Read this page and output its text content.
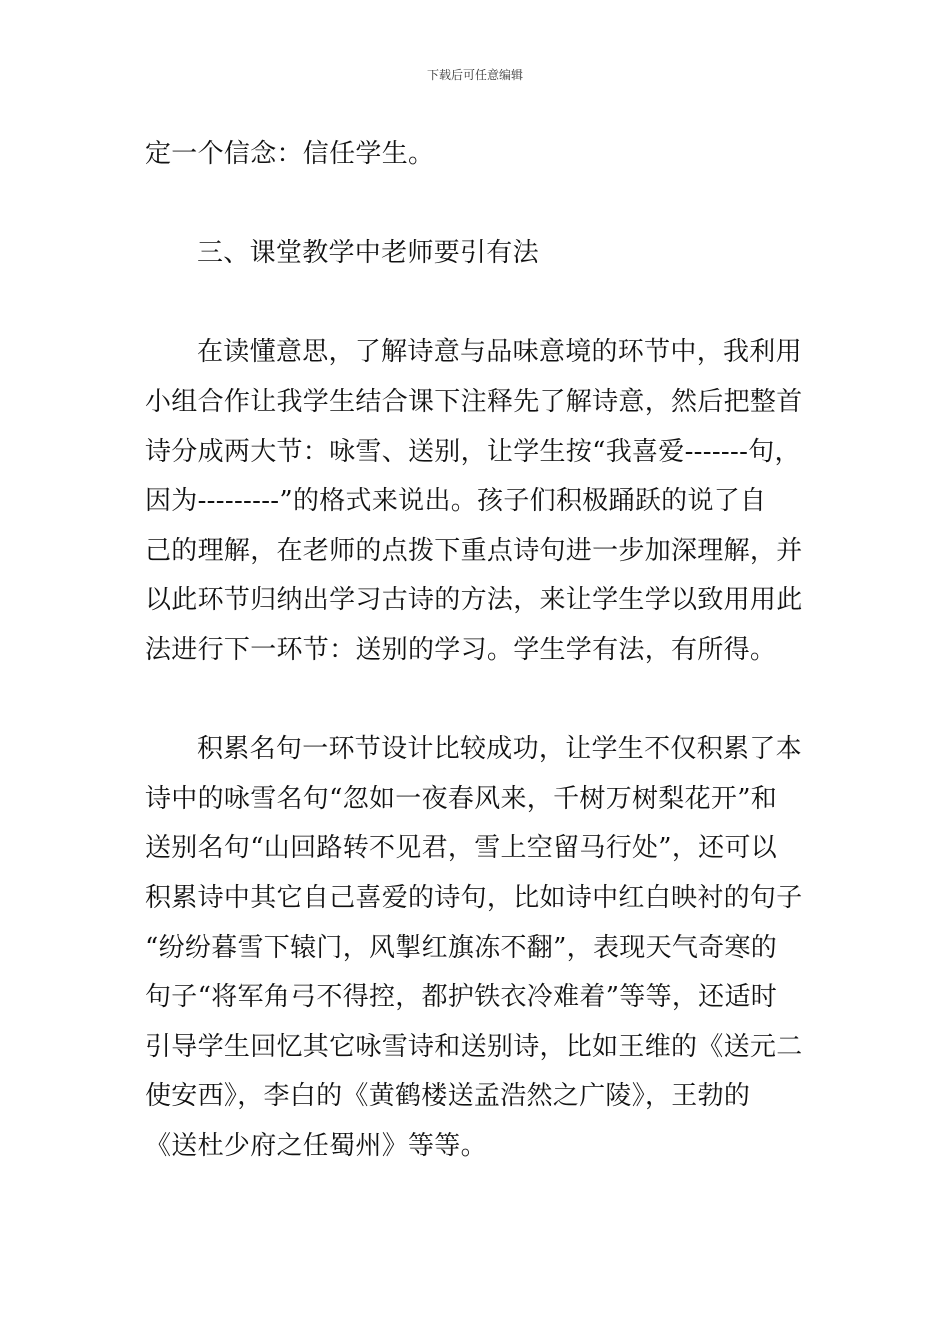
下载后可任意编辑
定一个信念：信任学生。
三、课堂教学中老师要引有法
在读懂意思，了解诗意与品味意境的环节中，我利用
小组合作让我学生结合课下注释先了解诗意，然后把整首
诗分成两大节：咏雪、送别，让学生按“我喜爱-------句，
因为---------”的格式来说出。孩子们积极踊跃的说了自
己的理解，在老师的点拨下重点诗句进一步加深理解，并
以此环节归纳出学习古诗的方法，来让学生学以致用用此
法进行下一环节：送别的学习。学生学有法，有所得。
积累名句一环节设计比较成功，让学生不仅积累了本
诗中的咏雪名句“忽如一夜春风来，千树万树梨花开”和
送别名句“山回路转不见君，雪上空留马行处”，还可以
积累诗中其它自己喜爱的诗句，比如诗中红白映衬的句子
“纷纷暮雪下辕门，风掣红旗冻不翻”，表现天气奇寒的
句子“将军角弓不得控，都护铁衣冷难着”等等，还适时
引导学生回忆其它咏雪诗和送别诗，比如王维的《送元二
使安西》，李白的《黄鹤楼送孟浩然之广陵》，王勃的
《送杜少府之任蜀州》等等。
